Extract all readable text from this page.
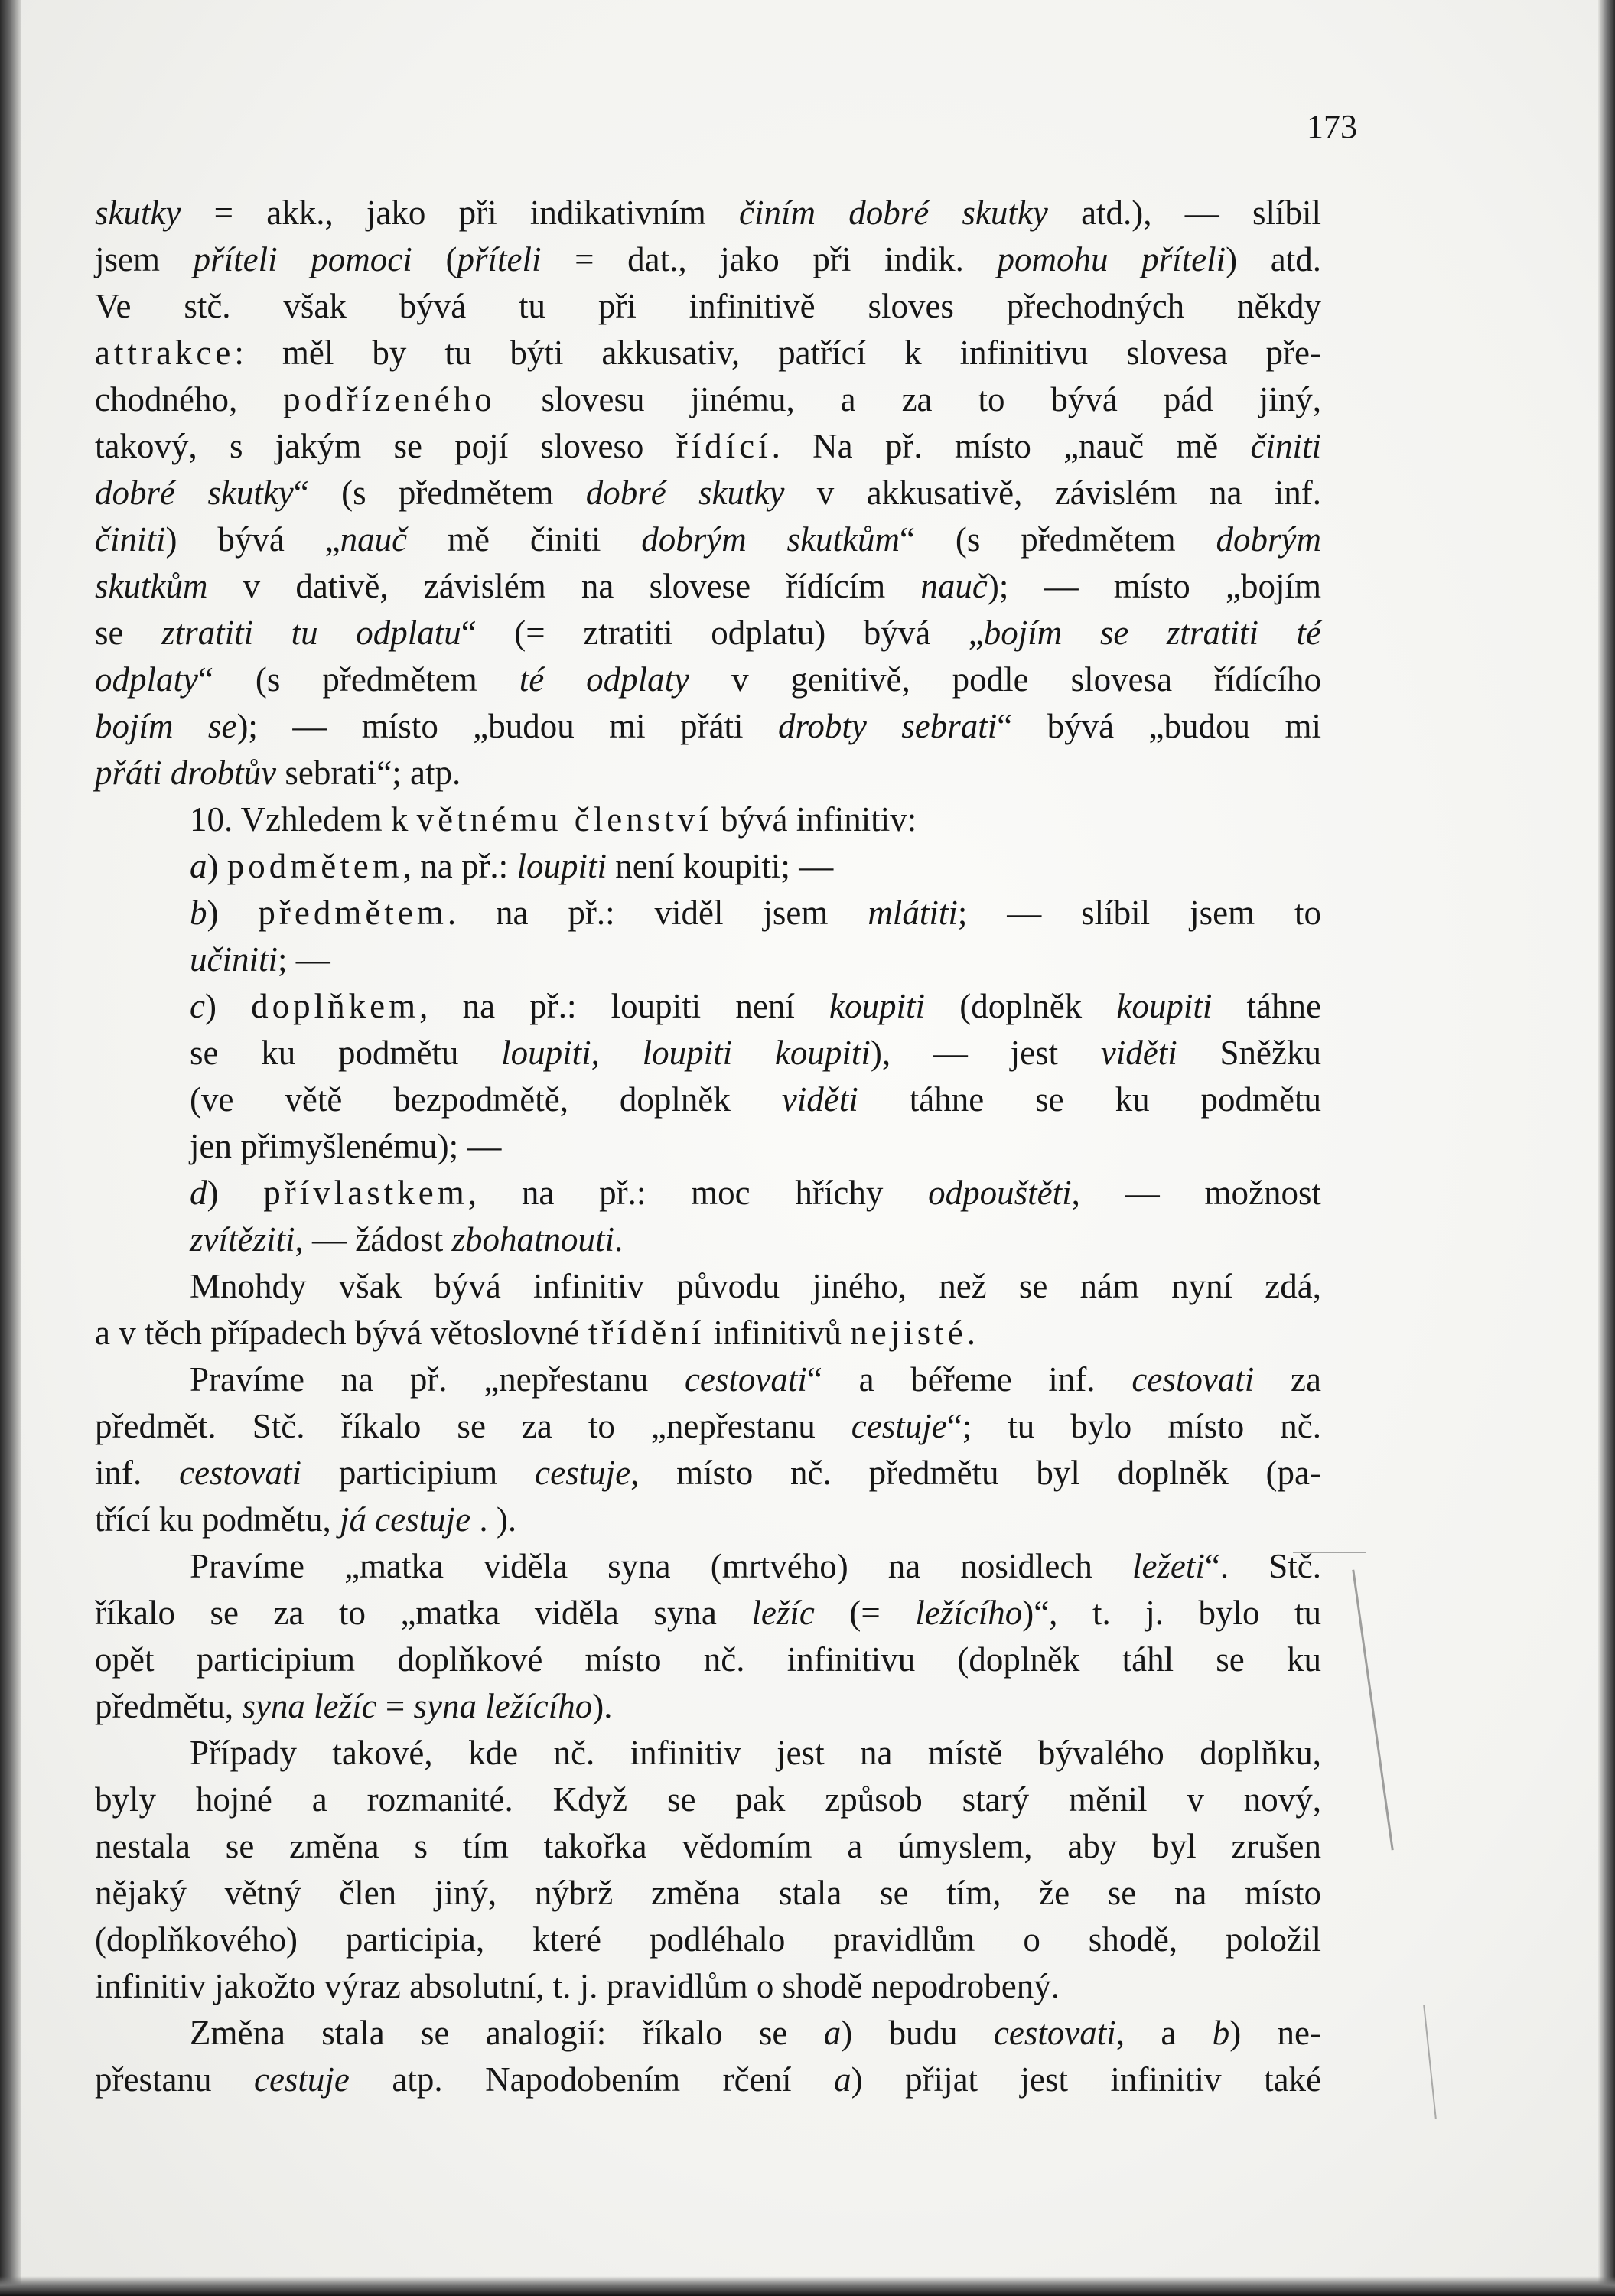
173

skutky = akk., jako při indikativním činím dobré skutky atd.), — slíbil

jsem příteli pomoci (příteli = dat., jako při indik. pomohu příteli) atd.

Ve stč. však bývá tu při infinitivě sloves přechodných někdy

attrakce: měl by tu býti akkusativ, patřící k infinitivu slovesa pře-

chodného, podřízeného slovesu jinému, a za to bývá pád jiný,

takový, s jakým se pojí sloveso řídící. Na př. místo „nauč mě činiti

dobré skutky“ (s předmětem dobré skutky v akkusativě, závislém na inf.

činiti) bývá „nauč mě činiti dobrým skutkům“ (s předmětem dobrým

skutkům v dativě, závislém na slovese řídícím nauč); — místo „bojím

se ztratiti tu odplatu“ (= ztratiti odplatu) bývá „bojím se ztratiti té

odplaty“ (s předmětem té odplaty v genitivě, podle slovesa řídícího

bojím se); — místo „budou mi přáti drobty sebrati“ bývá „budou mi

přáti drobtův sebrati“; atp.

10. Vzhledem k větnému členství bývá infinitiv:

a) podmětem, na př.: loupiti není koupiti; —

b) předmětem. na př.: viděl jsem mlátiti; — slíbil jsem to

učiniti; —

c) doplňkem, na př.: loupiti není koupiti (doplněk koupiti táhne

se ku podmětu loupiti, loupiti koupiti), — jest viděti Sněžku

(ve větě bezpodmětě, doplněk viděti táhne se ku podmětu

jen přimyšlenému); —

d) přívlastkem, na př.: moc hříchy odpouštěti, — možnost

zvítěziti, — žádost zbohatnouti.

Mnohdy však bývá infinitiv původu jiného, než se nám nyní zdá,

a v těch případech bývá větoslovné třídění infinitivů nejisté.

Pravíme na př. „nepřestanu cestovati“ a béřeme inf. cestovati za

předmět. Stč. říkalo se za to „nepřestanu cestuje“; tu bylo místo nč.

inf. cestovati participium cestuje, místo nč. předmětu byl doplněk (pa-

třící ku podmětu, já cestuje . ).

Pravíme „matka viděla syna (mrtvého) na nosidlech ležeti“. Stč.

říkalo se za to „matka viděla syna ležíc (= ležícího)“, t. j. bylo tu

opět participium doplňkové místo nč. infinitivu (doplněk táhl se ku

předmětu, syna ležíc = syna ležícího).

Případy takové, kde nč. infinitiv jest na místě bývalého doplňku,

byly hojné a rozmanité. Když se pak způsob starý měnil v nový,

nestala se změna s tím takořka vědomím a úmyslem, aby byl zrušen

nějaký větný člen jiný, nýbrž změna stala se tím, že se na místo

(doplňkového) participia, které podléhalo pravidlům o shodě, položil

infinitiv jakožto výraz absolutní, t. j. pravidlům o shodě nepodrobený.

Změna stala se analogií: říkalo se a) budu cestovati, a b) ne-

přestanu cestuje atp. Napodobením rčení a) přijat jest infinitiv také
